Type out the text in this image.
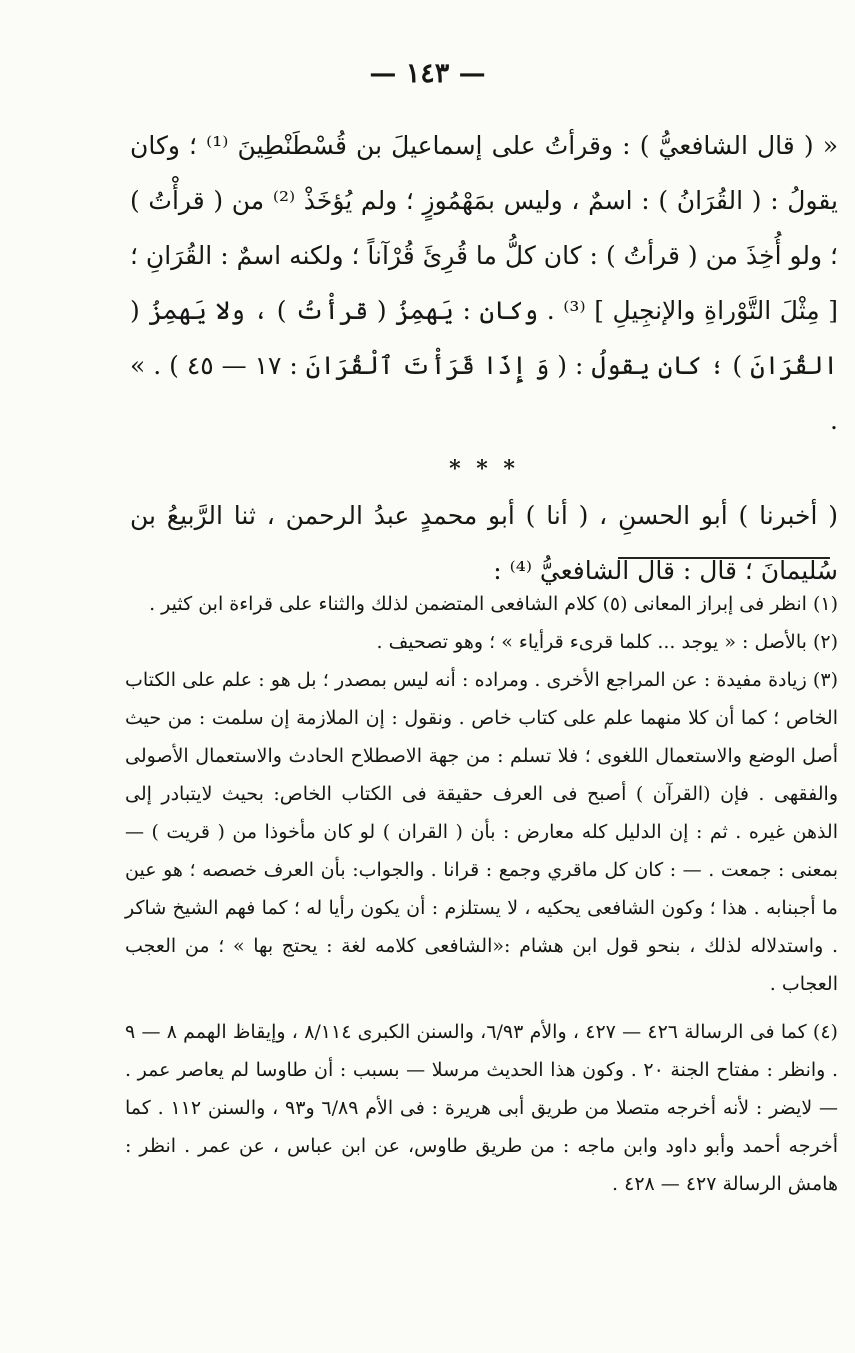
— ١٤٣ —

« ( قال الشافعيُّ ) : وقرأتُ على إسماعيلَ بن قُسْطَنْطِينَ ⁽¹⁾ ؛ وكان يقولُ : ( القُرَانُ ) : اسمٌ ، وليس بمَهْمُوزٍ ؛ ولم يُؤخَذْ ⁽²⁾ من ( قرأْتُ ) ؛ ولو أُخِذَ من ( قرأتُ ) : كان كلُّ ما قُرِئَ قُرْآناً ؛ ولكنه اسمٌ : القُرَانِ ؛ [ مِثْلَ التَّوْراةِ والإنجِيلِ ] ⁽³⁾ . وكان : يَهمِزُ ( قرأْتُ ) ، ولا يَهمِزُ ( القُرَانَ ) ؛ كان يقولُ : ( وَ إِذَا قَرَأْتَ ٱلْقُرَانَ : ١٧ — ٤٥ ) . » .

* * *

( أخبرنا ) أبو الحسنِ ، ( أنا ) أبو محمدٍ عبدُ الرحمن ، ثنا الرَّبيعُ بن سُليمانَ ؛ قال : قال الشافعيُّ ⁽⁴⁾ :

(١) انظر فى إبراز المعانى (٥) كلام الشافعى المتضمن لذلك والثناء على قراءة ابن كثير .

(٢) بالأصل : « يوجد ... كلما قرىء قرأياء » ؛ وهو تصحيف .

(٣) زيادة مفيدة : عن المراجع الأخرى . ومراده : أنه ليس بمصدر ؛ بل هو : علم على الكتاب الخاص ؛ كما أن كلا منهما علم على كتاب خاص . ونقول : إن الملازمة إن سلمت : من حيث أصل الوضع والاستعمال اللغوى ؛ فلا تسلم : من جهة الاصطلاح الحادث والاستعمال الأصولى والفقهى . فإن (القرآن ) أصبح فى العرف حقيقة فى الكتاب الخاص: بحيث لايتبادر إلى الذهن غيره . ثم : إن الدليل كله معارض : بأن ( القران ) لو كان مأخوذا من ( قريت ) — بمعنى : جمعت . — : كان كل ماقري وجمع : قرانا . والجواب: بأن العرف خصصه ؛ هو عين ما أجبنابه . هذا ؛ وكون الشافعى يحكيه ، لا يستلزم : أن يكون رأيا له ؛ كما فهم الشيخ شاكر . واستدلاله لذلك ، بنحو قول ابن هشام :«الشافعى كلامه لغة : يحتج بها » ؛ من العجب العجاب .

(٤) كما فى الرسالة ٤٢٦ — ٤٢٧ ، والأم ٦/٩٣، والسنن الكبرى ٨/١١٤ ، وإيقاظ الهمم ٨ — ٩ . وانظر : مفتاح الجنة ٢٠ . وكون هذا الحديث مرسلا — بسبب : أن طاوسا لم يعاصر عمر . — لايضر : لأنه أخرجه متصلا من طريق أبى هريرة : فى الأم ٦/٨٩ و٩٣ ، والسنن ١١٢ . كما أخرجه أحمد وأبو داود وابن ماجه : من طريق طاوس، عن ابن عباس ، عن عمر . انظر : هامش الرسالة ٤٢٧ — ٤٢٨ .
